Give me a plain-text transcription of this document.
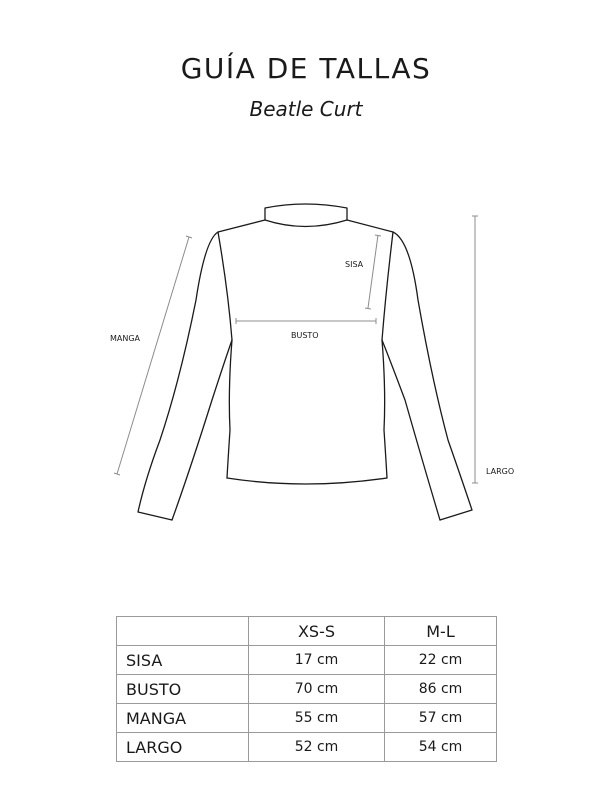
GUÍA DE TALLAS
Beatle Curt
MANGA
SISA
BUSTO
LARGO
	XS-S	M-L
SISA	17 cm	22 cm
BUSTO	70 cm	86 cm
MANGA	55 cm	57 cm
LARGO	52 cm	54 cm
